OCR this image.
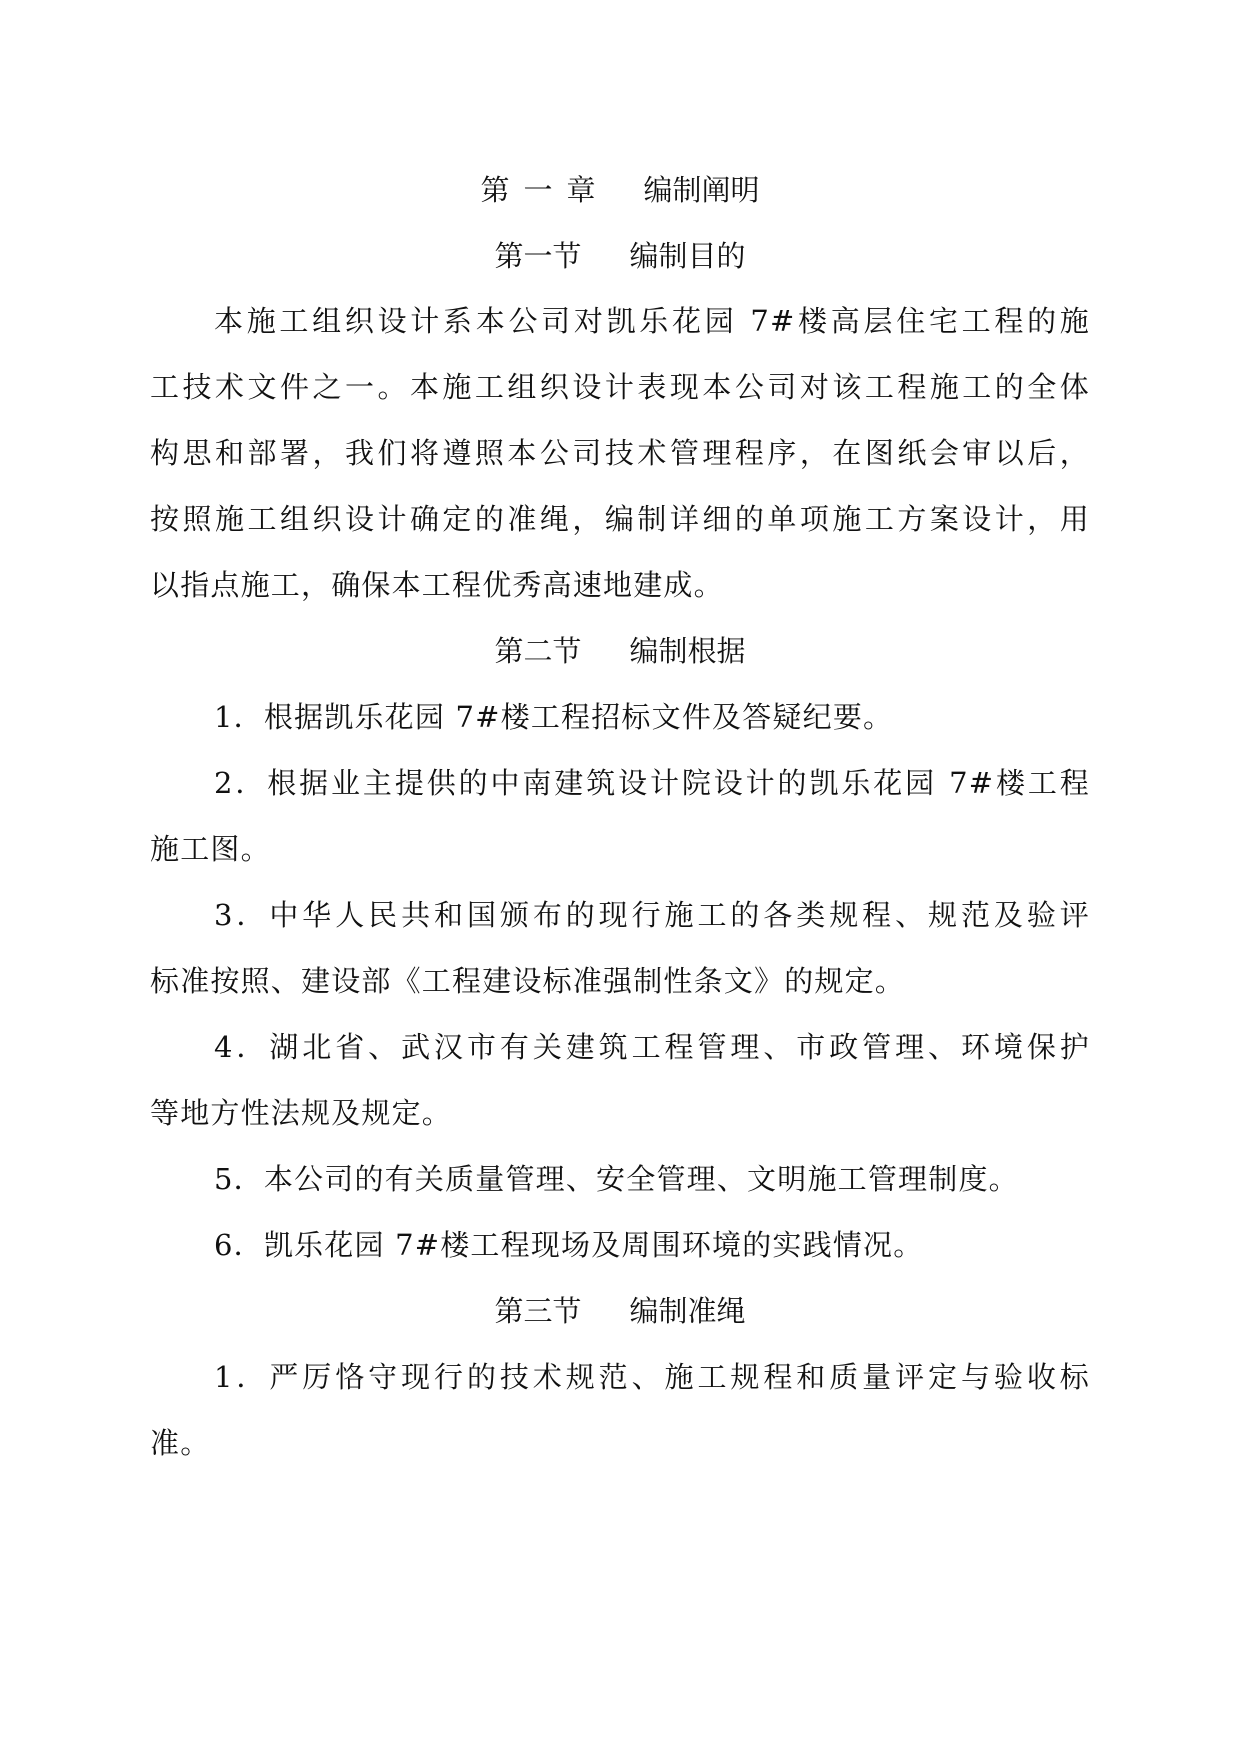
第 一 章 编制阐明
第一节 编制目的
本施工组织设计系本公司对凯乐花园 7#楼高层住宅工程的施
工技术文件之一。本施工组织设计表现本公司对该工程施工的全体
构思和部署，我们将遵照本公司技术管理程序，在图纸会审以后，
按照施工组织设计确定的准绳，编制详细的单项施工方案设计，用
以指点施工，确保本工程优秀高速地建成。
第二节 编制根据
1．根据凯乐花园 7#楼工程招标文件及答疑纪要。
2．根据业主提供的中南建筑设计院设计的凯乐花园 7#楼工程
施工图。
3．中华人民共和国颁布的现行施工的各类规程、规范及验评
标准按照、建设部《工程建设标准强制性条文》的规定。
4．湖北省、武汉市有关建筑工程管理、市政管理、环境保护
等地方性法规及规定。
5．本公司的有关质量管理、安全管理、文明施工管理制度。
6．凯乐花园 7#楼工程现场及周围环境的实践情况。
第三节 编制准绳
1．严厉恪守现行的技术规范、施工规程和质量评定与验收标
准。
